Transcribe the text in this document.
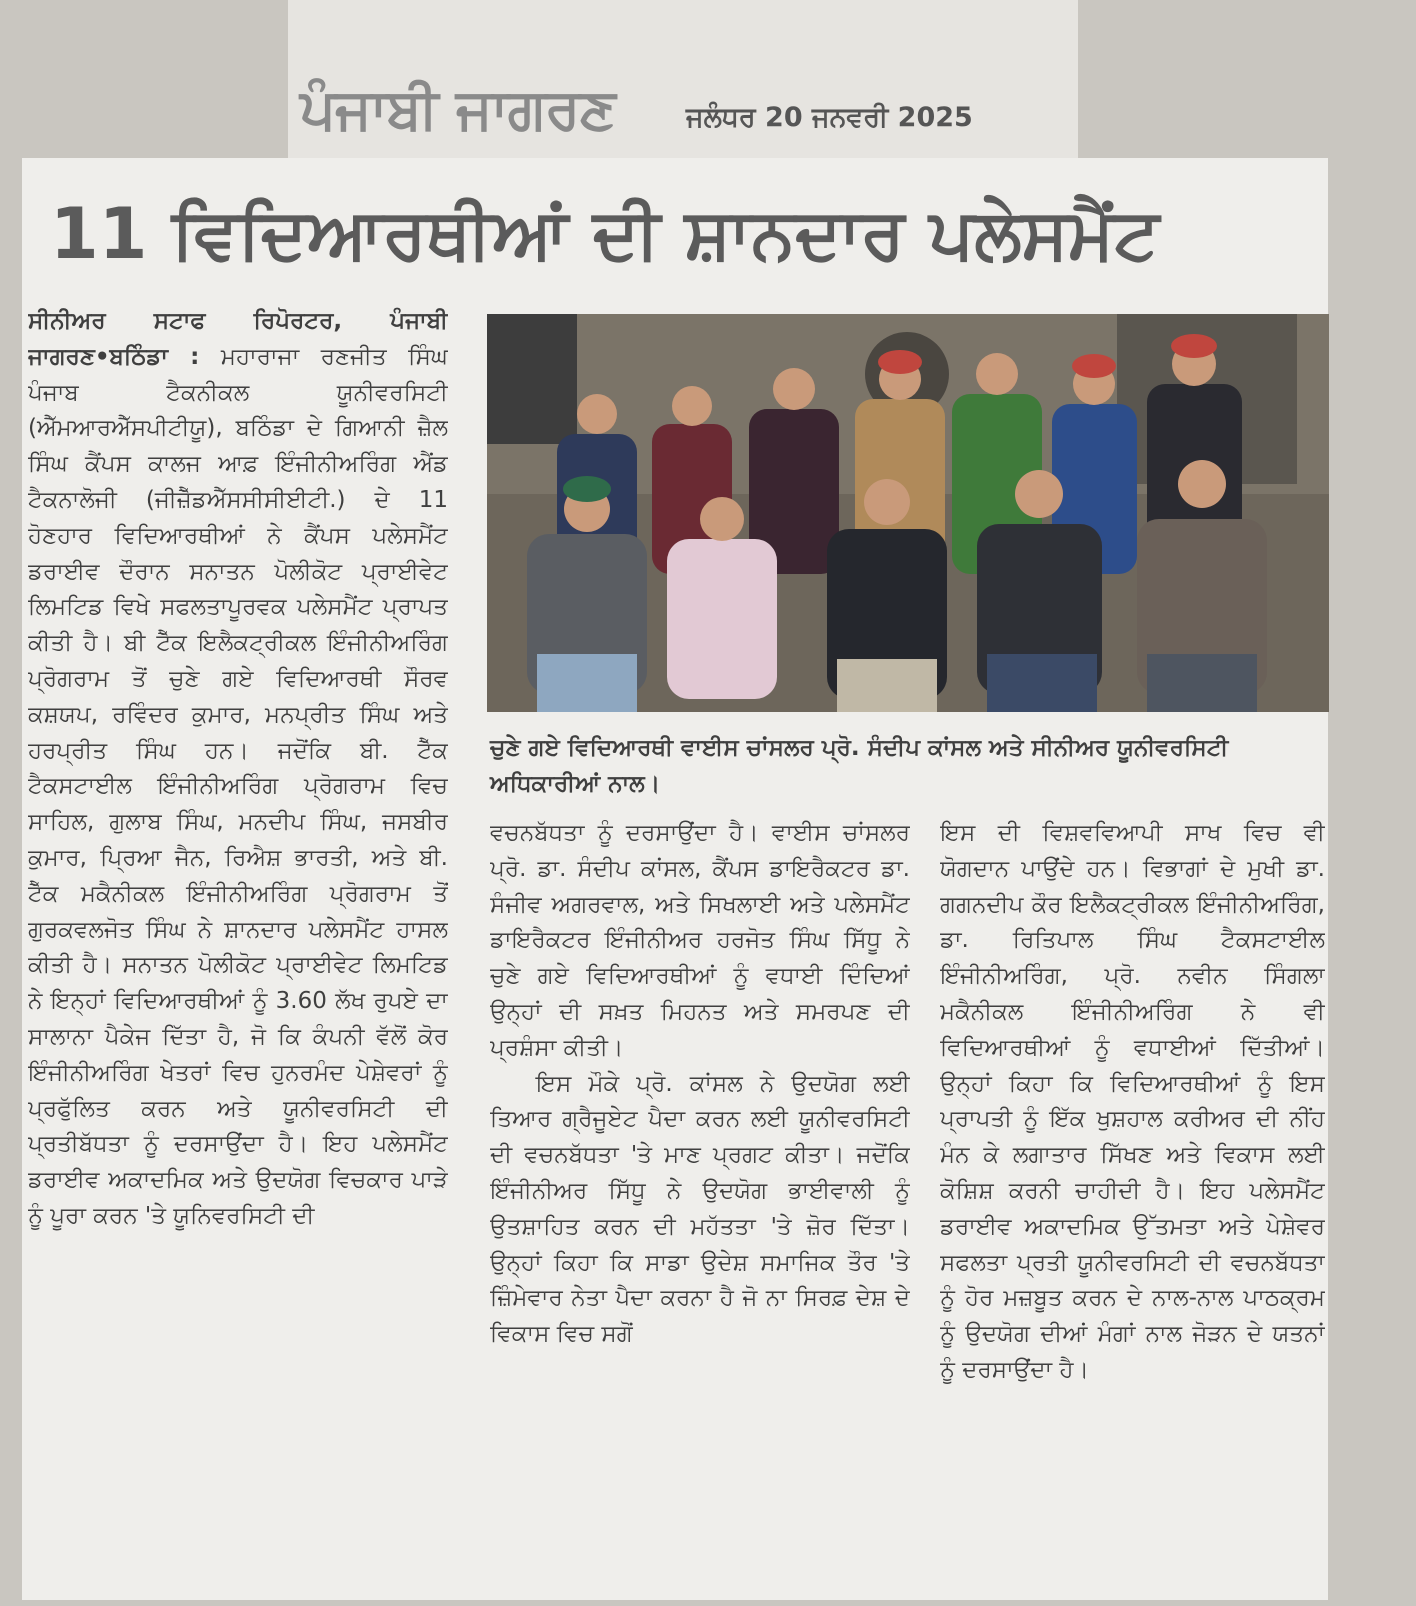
ਪੰਜਾਬੀ ਜਾਗਰਣ	ਜਲੰਧਰ 20 ਜਨਵਰੀ 2025
11 ਵਿਦਿਆਰਥੀਆਂ ਦੀ ਸ਼ਾਨਦਾਰ ਪਲੇਸਮੈਂਟ

ਸੀਨੀਅਰ ਸਟਾਫ ਰਿਪੋਰਟਰ, ਪੰਜਾਬੀ ਜਾਗਰਣ•ਬਠਿੰਡਾ : ਮਹਾਰਾਜਾ ਰਣਜੀਤ ਸਿੰਘ ਪੰਜਾਬ ਟੈਕਨੀਕਲ ਯੂਨੀਵਰਸਿਟੀ (ਐੱਮਆਰਐੱਸਪੀਟੀਯੂ), ਬਠਿੰਡਾ ਦੇ ਗਿਆਨੀ ਜ਼ੈਲ ਸਿੰਘ ਕੈਂਪਸ ਕਾਲਜ ਆਫ਼ ਇੰਜੀਨੀਅਰਿੰਗ ਐਂਡ ਟੈਕਨਾਲੋਜੀ (ਜੀਜ਼ੈੱਡਐੱਸਸੀਸੀਈਟੀ.) ਦੇ 11 ਹੋਣਹਾਰ ਵਿਦਿਆਰਥੀਆਂ ਨੇ ਕੈਂਪਸ ਪਲੇਸਮੈਂਟ ਡਰਾਈਵ ਦੌਰਾਨ ਸਨਾਤਨ ਪੋਲੀਕੋਟ ਪ੍ਰਾਈਵੇਟ ਲਿਮਟਿਡ ਵਿਖੇ ਸਫਲਤਾਪੂਰਵਕ ਪਲੇਸਮੈਂਟ ਪ੍ਰਾਪਤ ਕੀਤੀ ਹੈ। ਬੀ ਟੈੱਕ ਇਲੈਕਟ੍ਰੀਕਲ ਇੰਜੀਨੀਅਰਿੰਗ ਪ੍ਰੋਗਰਾਮ ਤੋਂ ਚੁਣੇ ਗਏ ਵਿਦਿਆਰਥੀ ਸੌਰਵ ਕਸ਼ਯਪ, ਰਵਿੰਦਰ ਕੁਮਾਰ, ਮਨਪ੍ਰੀਤ ਸਿੰਘ ਅਤੇ ਹਰਪ੍ਰੀਤ ਸਿੰਘ ਹਨ। ਜਦੋਂਕਿ ਬੀ. ਟੈੱਕ ਟੈਕਸਟਾਈਲ ਇੰਜੀਨੀਅਰਿੰਗ ਪ੍ਰੋਗਰਾਮ ਵਿਚ ਸਾਹਿਲ, ਗੁਲਾਬ ਸਿੰਘ, ਮਨਦੀਪ ਸਿੰਘ, ਜਸਬੀਰ ਕੁਮਾਰ, ਪ੍ਰਿਆ ਜੈਨ, ਰਿਐਸ਼ ਭਾਰਤੀ, ਅਤੇ ਬੀ. ਟੈੱਕ ਮਕੈਨੀਕਲ ਇੰਜੀਨੀਅਰਿੰਗ ਪ੍ਰੋਗਰਾਮ ਤੋਂ ਗੁਰਕਵਲਜੋਤ ਸਿੰਘ ਨੇ ਸ਼ਾਨਦਾਰ ਪਲੇਸਮੈਂਟ ਹਾਸਲ ਕੀਤੀ ਹੈ। ਸਨਾਤਨ ਪੋਲੀਕੋਟ ਪ੍ਰਾਈਵੇਟ ਲਿਮਟਿਡ ਨੇ ਇਨ੍ਹਾਂ ਵਿਦਿਆਰਥੀਆਂ ਨੂੰ 3.60 ਲੱਖ ਰੁਪਏ ਦਾ ਸਾਲਾਨਾ ਪੈਕੇਜ ਦਿੱਤਾ ਹੈ, ਜੋ ਕਿ ਕੰਪਨੀ ਵੱਲੋਂ ਕੋਰ ਇੰਜੀਨੀਅਰਿੰਗ ਖੇਤਰਾਂ ਵਿਚ ਹੁਨਰਮੰਦ ਪੇਸ਼ੇਵਰਾਂ ਨੂੰ ਪ੍ਰਫੁੱਲਿਤ ਕਰਨ ਅਤੇ ਯੂਨੀਵਰਸਿਟੀ ਦੀ ਪ੍ਰਤੀਬੱਧਤਾ ਨੂੰ ਦਰਸਾਉਂਦਾ ਹੈ। ਇਹ ਪਲੇਸਮੈਂਟ ਡਰਾਈਵ ਅਕਾਦਮਿਕ ਅਤੇ ਉਦਯੋਗ ਵਿਚਕਾਰ ਪਾੜੇ ਨੂੰ ਪੂਰਾ ਕਰਨ 'ਤੇ ਯੂਨਿਵਰਸਿਟੀ ਦੀ

ਚੁਣੇ ਗਏ ਵਿਦਿਆਰਥੀ ਵਾਈਸ ਚਾਂਸਲਰ ਪ੍ਰੋ. ਸੰਦੀਪ ਕਾਂਸਲ ਅਤੇ ਸੀਨੀਅਰ ਯੂਨੀਵਰਸਿਟੀ ਅਧਿਕਾਰੀਆਂ ਨਾਲ।

ਵਚਨਬੱਧਤਾ ਨੂੰ ਦਰਸਾਉਂਦਾ ਹੈ। ਵਾਈਸ ਚਾਂਸਲਰ ਪ੍ਰੋ. ਡਾ. ਸੰਦੀਪ ਕਾਂਸਲ, ਕੈਂਪਸ ਡਾਇਰੈਕਟਰ ਡਾ. ਸੰਜੀਵ ਅਗਰਵਾਲ, ਅਤੇ ਸਿਖਲਾਈ ਅਤੇ ਪਲੇਸਮੈਂਟ ਡਾਇਰੈਕਟਰ ਇੰਜੀਨੀਅਰ ਹਰਜੋਤ ਸਿੰਘ ਸਿੱਧੂ ਨੇ ਚੁਣੇ ਗਏ ਵਿਦਿਆਰਥੀਆਂ ਨੂੰ ਵਧਾਈ ਦਿੰਦਿਆਂ ਉਨ੍ਹਾਂ ਦੀ ਸਖ਼ਤ ਮਿਹਨਤ ਅਤੇ ਸਮਰਪਣ ਦੀ ਪ੍ਰਸ਼ੰਸਾ ਕੀਤੀ।

ਇਸ ਮੌਕੇ ਪ੍ਰੋ. ਕਾਂਸਲ ਨੇ ਉਦਯੋਗ ਲਈ ਤਿਆਰ ਗ੍ਰੈਜੂਏਟ ਪੈਦਾ ਕਰਨ ਲਈ ਯੂਨੀਵਰਸਿਟੀ ਦੀ ਵਚਨਬੱਧਤਾ 'ਤੇ ਮਾਣ ਪ੍ਰਗਟ ਕੀਤਾ। ਜਦੋਂਕਿ ਇੰਜੀਨੀਅਰ ਸਿੱਧੂ ਨੇ ਉਦਯੋਗ ਭਾਈਵਾਲੀ ਨੂੰ ਉਤਸ਼ਾਹਿਤ ਕਰਨ ਦੀ ਮਹੱਤਤਾ 'ਤੇ ਜ਼ੋਰ ਦਿੱਤਾ। ਉਨ੍ਹਾਂ ਕਿਹਾ ਕਿ ਸਾਡਾ ਉਦੇਸ਼ ਸਮਾਜਿਕ ਤੌਰ 'ਤੇ ਜ਼ਿੰਮੇਵਾਰ ਨੇਤਾ ਪੈਦਾ ਕਰਨਾ ਹੈ ਜੋ ਨਾ ਸਿਰਫ਼ ਦੇਸ਼ ਦੇ ਵਿਕਾਸ ਵਿਚ ਸਗੋਂ

ਇਸ ਦੀ ਵਿਸ਼ਵਵਿਆਪੀ ਸਾਖ ਵਿਚ ਵੀ ਯੋਗਦਾਨ ਪਾਉਂਦੇ ਹਨ। ਵਿਭਾਗਾਂ ਦੇ ਮੁਖੀ ਡਾ. ਗਗਨਦੀਪ ਕੌਰ ਇਲੈਕਟ੍ਰੀਕਲ ਇੰਜੀਨੀਅਰਿੰਗ, ਡਾ. ਰਿਤਿਪਾਲ ਸਿੰਘ ਟੈਕਸਟਾਈਲ ਇੰਜੀਨੀਅਰਿੰਗ, ਪ੍ਰੋ. ਨਵੀਨ ਸਿੰਗਲਾ ਮਕੈਨੀਕਲ ਇੰਜੀਨੀਅਰਿੰਗ ਨੇ ਵੀ ਵਿਦਿਆਰਥੀਆਂ ਨੂੰ ਵਧਾਈਆਂ ਦਿੱਤੀਆਂ। ਉਨ੍ਹਾਂ ਕਿਹਾ ਕਿ ਵਿਦਿਆਰਥੀਆਂ ਨੂੰ ਇਸ ਪ੍ਰਾਪਤੀ ਨੂੰ ਇੱਕ ਖੁਸ਼ਹਾਲ ਕਰੀਅਰ ਦੀ ਨੀਂਹ ਮੰਨ ਕੇ ਲਗਾਤਾਰ ਸਿੱਖਣ ਅਤੇ ਵਿਕਾਸ ਲਈ ਕੋਸ਼ਿਸ਼ ਕਰਨੀ ਚਾਹੀਦੀ ਹੈ। ਇਹ ਪਲੇਸਮੈਂਟ ਡਰਾਈਵ ਅਕਾਦਮਿਕ ਉੱਤਮਤਾ ਅਤੇ ਪੇਸ਼ੇਵਰ ਸਫਲਤਾ ਪ੍ਰਤੀ ਯੂਨੀਵਰਸਿਟੀ ਦੀ ਵਚਨਬੱਧਤਾ ਨੂੰ ਹੋਰ ਮਜ਼ਬੂਤ ਕਰਨ ਦੇ ਨਾਲ-ਨਾਲ ਪਾਠਕ੍ਰਮ ਨੂੰ ਉਦਯੋਗ ਦੀਆਂ ਮੰਗਾਂ ਨਾਲ ਜੋੜਨ ਦੇ ਯਤਨਾਂ ਨੂੰ ਦਰਸਾਉਂਦਾ ਹੈ।
